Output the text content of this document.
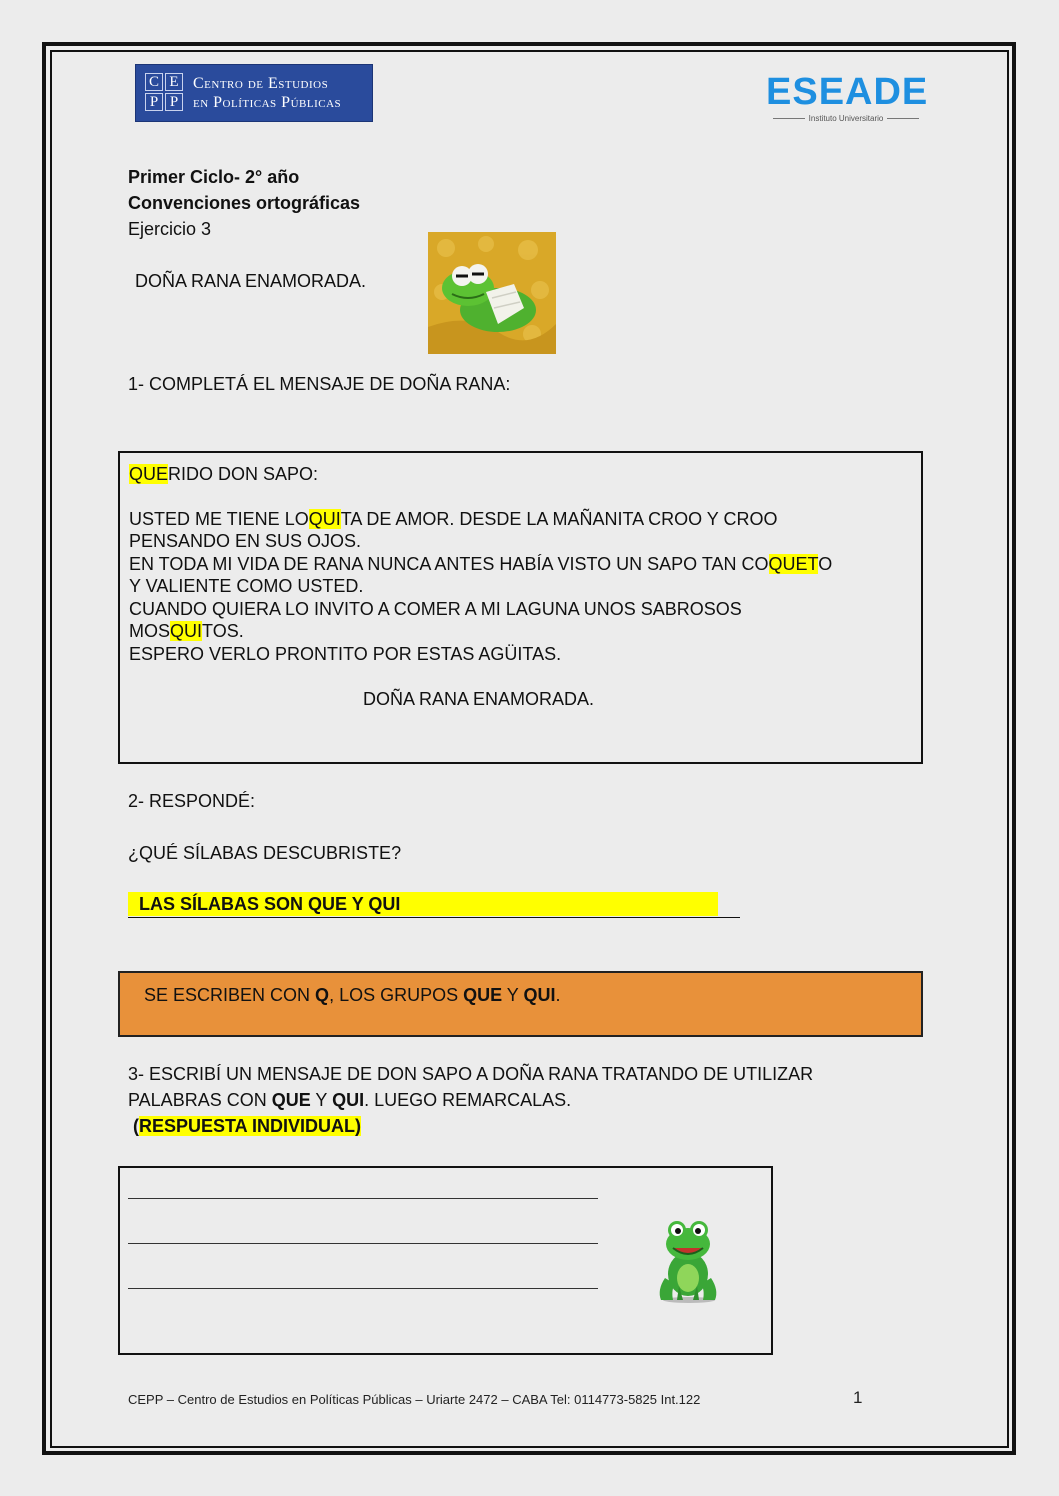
C E
P P
Centro de Estudios
en Políticas Públicas	ESEADE
Instituto Universitario
Primer Ciclo- 2° año
Convenciones ortográficas
Ejercicio 3
DOÑA RANA ENAMORADA.
1- COMPLETÁ EL MENSAJE DE DOÑA RANA:
QUERIDO DON SAPO:
USTED ME TIENE LOQUITA DE AMOR. DESDE LA MAÑANITA CROO Y CROO
PENSANDO EN SUS OJOS.
EN TODA MI VIDA DE RANA NUNCA ANTES HABÍA VISTO UN SAPO TAN COQUETO
Y VALIENTE COMO USTED.
CUANDO QUIERA LO INVITO A COMER A MI LAGUNA UNOS SABROSOS
MOSQUITOS.
ESPERO VERLO PRONTITO POR ESTAS AGÜITAS.
DOÑA RANA ENAMORADA.
2- RESPONDÉ:
¿QUÉ SÍLABAS DESCUBRISTE?
LAS SÍLABAS SON QUE Y QUI
SE ESCRIBEN CON Q, LOS GRUPOS QUE Y QUI.
3- ESCRIBÍ UN MENSAJE DE DON SAPO A DOÑA RANA TRATANDO DE UTILIZAR
PALABRAS CON QUE Y QUI. LUEGO REMARCALAS.
(RESPUESTA INDIVIDUAL)
CEPP – Centro de Estudios en Políticas Públicas – Uriarte 2472 – CABA Tel: 0114773-5825 Int.122	1
